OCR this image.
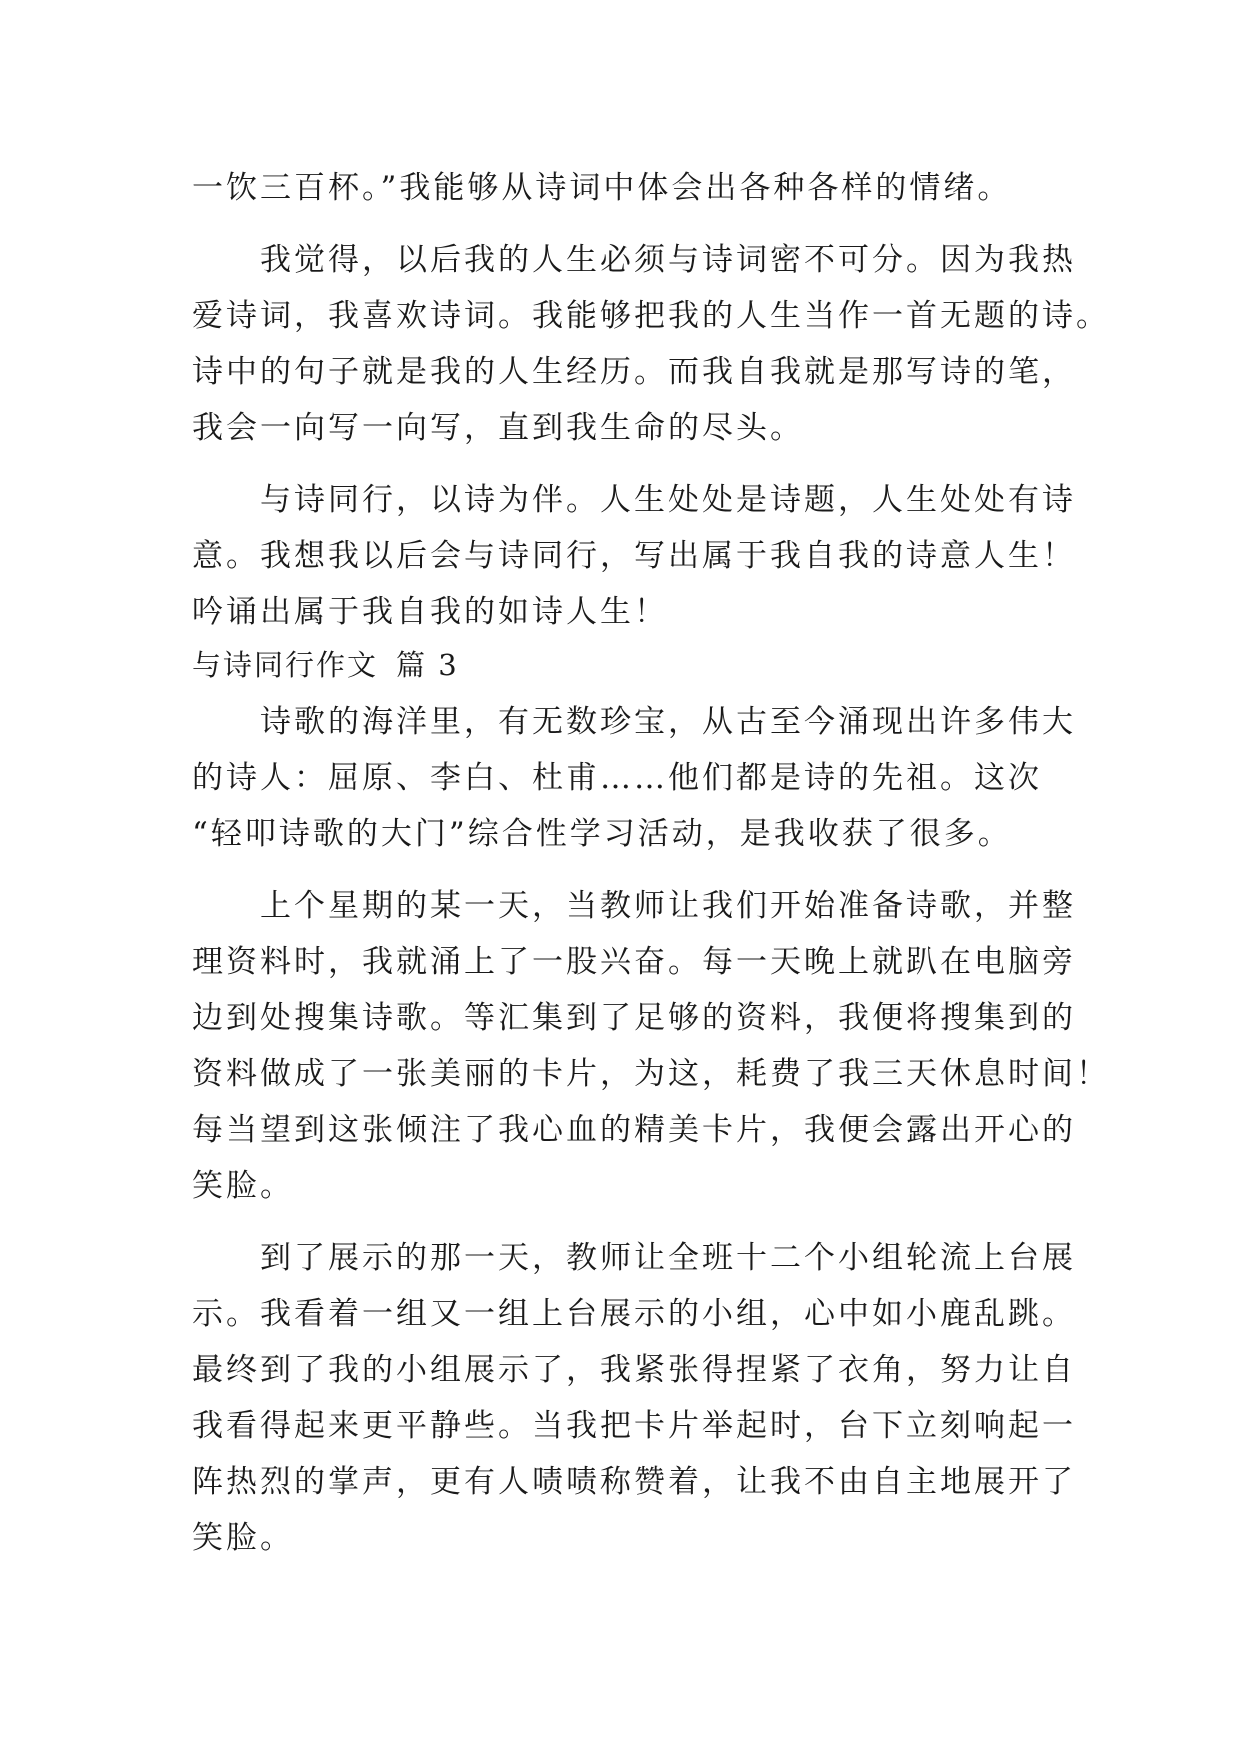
一饮三百杯。”我能够从诗词中体会出各种各样的情绪。
我觉得，以后我的人生必须与诗词密不可分。因为我热
爱诗词，我喜欢诗词。我能够把我的人生当作一首无题的诗。
诗中的句子就是我的人生经历。而我自我就是那写诗的笔，
我会一向写一向写，直到我生命的尽头。
与诗同行，以诗为伴。人生处处是诗题，人生处处有诗
意。我想我以后会与诗同行，写出属于我自我的诗意人生！
吟诵出属于我自我的如诗人生！
与诗同行作文 篇 3
诗歌的海洋里，有无数珍宝，从古至今涌现出许多伟大
的诗人：屈原、李白、杜甫……他们都是诗的先祖。这次
“轻叩诗歌的大门”综合性学习活动，是我收获了很多。
上个星期的某一天，当教师让我们开始准备诗歌，并整
理资料时，我就涌上了一股兴奋。每一天晚上就趴在电脑旁
边到处搜集诗歌。等汇集到了足够的资料，我便将搜集到的
资料做成了一张美丽的卡片，为这，耗费了我三天休息时间！
每当望到这张倾注了我心血的精美卡片，我便会露出开心的
笑脸。
到了展示的那一天，教师让全班十二个小组轮流上台展
示。我看着一组又一组上台展示的小组，心中如小鹿乱跳。
最终到了我的小组展示了，我紧张得捏紧了衣角，努力让自
我看得起来更平静些。当我把卡片举起时，台下立刻响起一
阵热烈的掌声，更有人啧啧称赞着，让我不由自主地展开了
笑脸。
